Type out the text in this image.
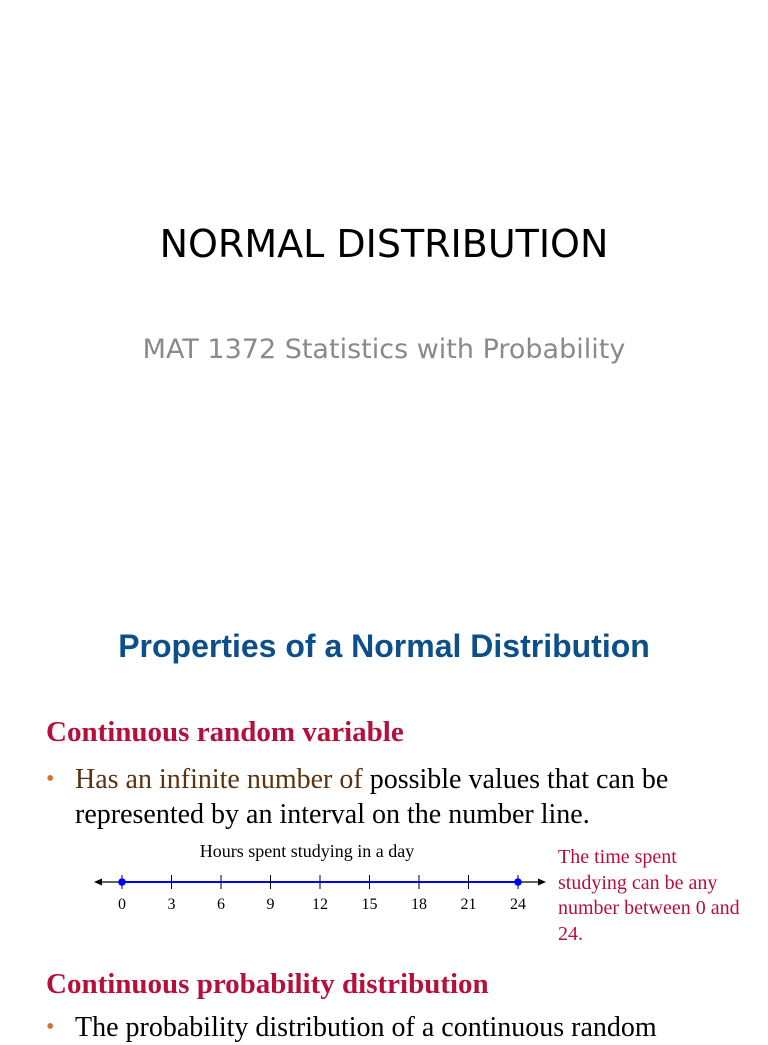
NORMAL DISTRIBUTION
MAT 1372 Statistics with Probability
Properties of a Normal Distribution
Continuous random variable
• Has an infinite number of possible values that can be represented by an interval on the number line.
Hours spent studying in a day
0	3	6	9 12 15 18 21 24
The time spent studying can be any number between 0 and 24.
Continuous probability distribution
• The probability distribution of a continuous random
